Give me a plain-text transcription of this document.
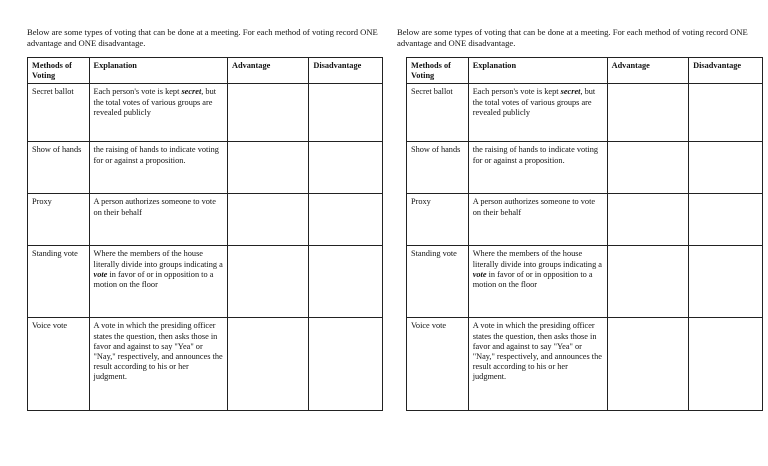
Below are some types of voting that can be done at a meeting. For each method of voting record ONE advantage and ONE disadvantage.

Methods of Voting	Explanation	Advantage	Disadvantage
Secret ballot	Each person's vote is kept secret, but the total votes of various groups are revealed publicly		
Show of hands	the raising of hands to indicate voting for or against a proposition.		
Proxy	A person authorizes someone to vote on their behalf		
Standing vote	Where the members of the house literally divide into groups indicating a vote in favor of or in opposition to a motion on the floor		
Voice vote	A vote in which the presiding officer states the question, then asks those in favor and against to say "Yea" or "Nay," respectively, and announces the result according to his or her judgment.		

Below are some types of voting that can be done at a meeting. For each method of voting record ONE advantage and ONE disadvantage.

Methods of Voting	Explanation	Advantage	Disadvantage
Secret ballot	Each person's vote is kept secret, but the total votes of various groups are revealed publicly		
Show of hands	the raising of hands to indicate voting for or against a proposition.		
Proxy	A person authorizes someone to vote on their behalf		
Standing vote	Where the members of the house literally divide into groups indicating a vote in favor of or in opposition to a motion on the floor		
Voice vote	A vote in which the presiding officer states the question, then asks those in favor and against to say "Yea" or "Nay," respectively, and announces the result according to his or her judgment.		
